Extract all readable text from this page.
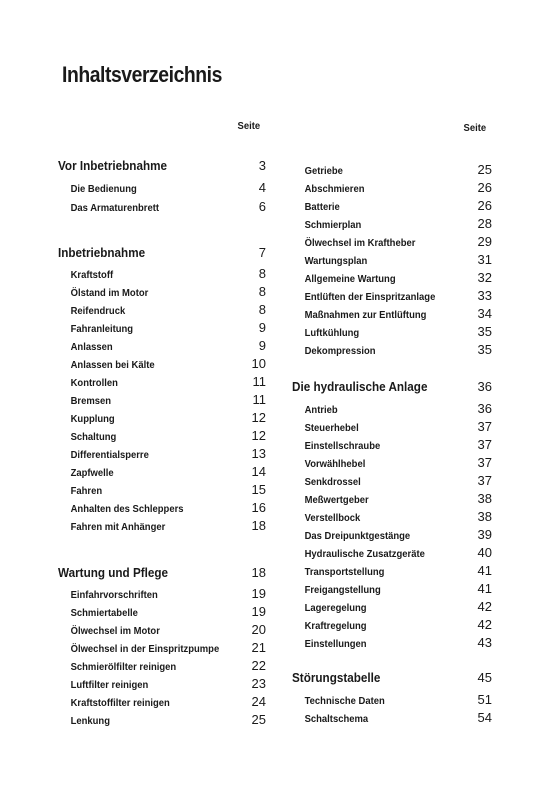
Inhaltsverzeichnis
Seite
Vor Inbetriebnahme	3
Die Bedienung	4
Das Armaturenbrett	6
Inbetriebnahme	7
Kraftstoff	8
Ölstand im Motor	8
Reifendruck	8
Fahranleitung	9
Anlassen	9
Anlassen bei Kälte	10
Kontrollen	11
Bremsen	11
Kupplung	12
Schaltung	12
Differentialsperre	13
Zapfwelle	14
Fahren	15
Anhalten des Schleppers	16
Fahren mit Anhänger	18
Wartung und Pflege	18
Einfahrvorschriften	19
Schmiertabelle	19
Ölwechsel im Motor	20
Ölwechsel in der Einspritzpumpe 21
Schmierölfilter reinigen	22
Luftfilter reinigen	23
Kraftstoffilter reinigen	24
Lenkung	25
Seite
Getriebe	25
Abschmieren	26
Batterie	26
Schmierplan	28
Ölwechsel im Kraftheber	29
Wartungsplan	31
Allgemeine Wartung	32
Entlüften der Einspritzanlage	33
Maßnahmen zur Entlüftung	34
Luftkühlung	35
Dekompression	35
Die hydraulische Anlage	36
Antrieb	36
Steuerhebel	37
Einstellschraube	37
Vorwählhebel	37
Senkdrossel	37
Meßwertgeber	38
Verstellbock	38
Das Dreipunktgestänge	39
Hydraulische Zusatzgeräte	40
Transportstellung	41
Freigangstellung	41
Lageregelung	42
Kraftregelung	42
Einstellungen	43
Störungstabelle	45
Technische Daten	51
Schaltschema	54
